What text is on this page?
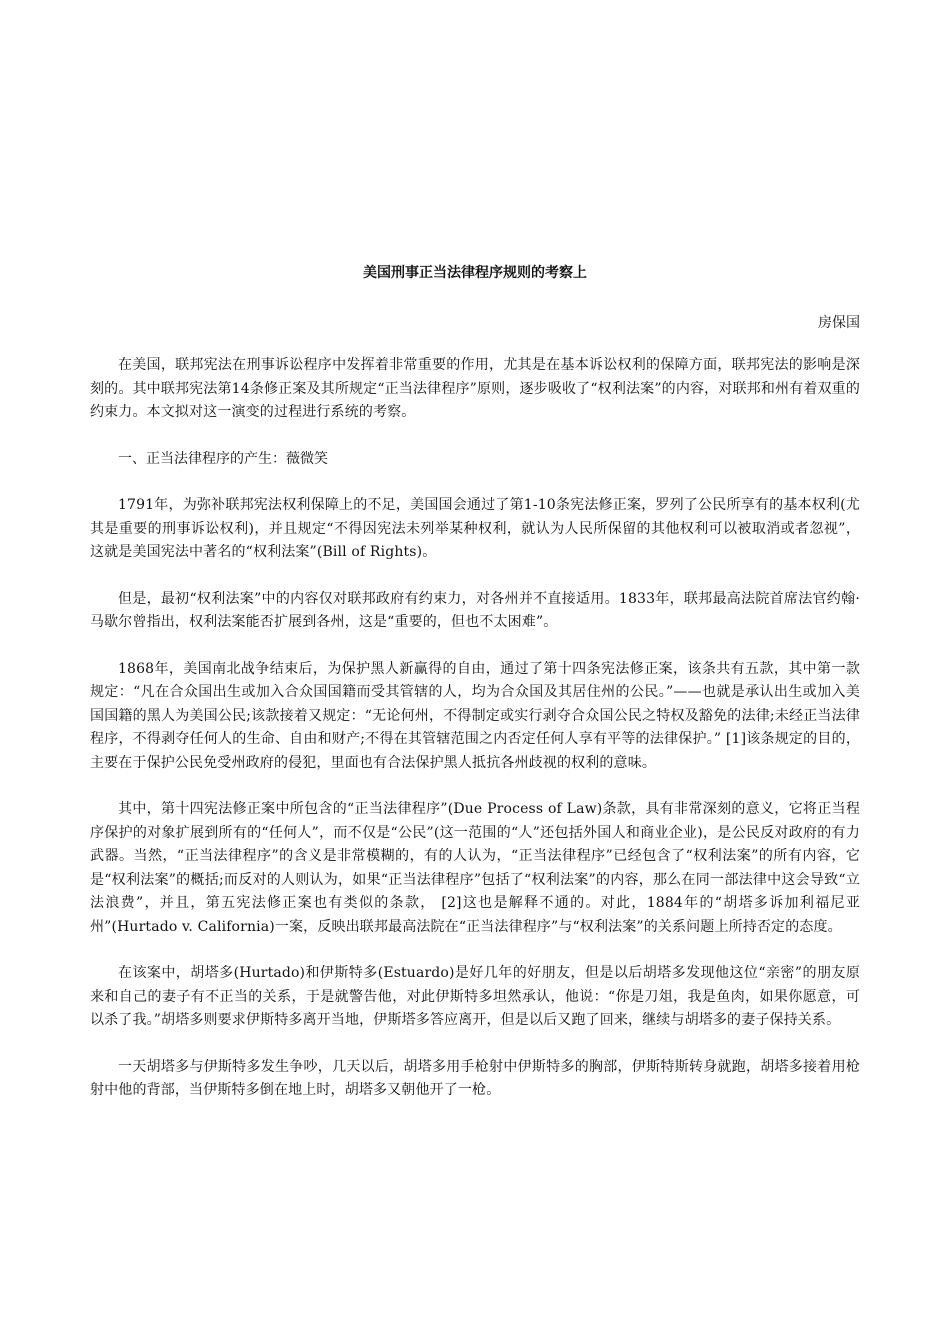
美国刑事正当法律程序规则的考察上
房保国

在美国，联邦宪法在刑事诉讼程序中发挥着非常重要的作用，尤其是在基本诉讼权利的保障方面，联邦宪法的影响是深刻的。其中联邦宪法第14条修正案及其所规定“正当法律程序”原则，逐步吸收了“权利法案”的内容，对联邦和州有着双重的约束力。本文拟对这一演变的过程进行系统的考察。

一、正当法律程序的产生：薇微笑

1791年，为弥补联邦宪法权利保障上的不足，美国国会通过了第1-10条宪法修正案，罗列了公民所享有的基本权利(尤其是重要的刑事诉讼权利)，并且规定“不得因宪法未列举某种权利，就认为人民所保留的其他权利可以被取消或者忽视”，这就是美国宪法中著名的“权利法案”(Bill of Rights)。

但是，最初“权利法案”中的内容仅对联邦政府有约束力，对各州并不直接适用。1833年，联邦最高法院首席法官约翰·马歇尔曾指出，权利法案能否扩展到各州，这是“重要的，但也不太困难”。

1868年，美国南北战争结束后，为保护黑人新赢得的自由，通过了第十四条宪法修正案，该条共有五款，其中第一款规定：“凡在合众国出生或加入合众国国籍而受其管辖的人，均为合众国及其居住州的公民。”——也就是承认出生或加入美国国籍的黑人为美国公民;该款接着又规定：“无论何州，不得制定或实行剥夺合众国公民之特权及豁免的法律;未经正当法律程序，不得剥夺任何人的生命、自由和财产;不得在其管辖范围之内否定任何人享有平等的法律保护。” [1]该条规定的目的，主要在于保护公民免受州政府的侵犯，里面也有合法保护黑人抵抗各州歧视的权利的意味。

其中，第十四宪法修正案中所包含的“正当法律程序”(Due Process of Law)条款，具有非常深刻的意义，它将正当程序保护的对象扩展到所有的“任何人”，而不仅是“公民”(这一范围的“人”还包括外国人和商业企业)，是公民反对政府的有力武器。当然，“正当法律程序”的含义是非常模糊的，有的人认为，“正当法律程序”已经包含了“权利法案”的所有内容，它是“权利法案”的概括;而反对的人则认为，如果“正当法律程序”包括了“权利法案”的内容，那么在同一部法律中这会导致“立法浪费”，并且，第五宪法修正案也有类似的条款， [2]这也是解释不通的。对此，1884年的“胡塔多诉加利福尼亚州”(Hurtado v. California)一案，反映出联邦最高法院在“正当法律程序”与“权利法案”的关系问题上所持否定的态度。

在该案中，胡塔多(Hurtado)和伊斯特多(Estuardo)是好几年的好朋友，但是以后胡塔多发现他这位“亲密”的朋友原来和自己的妻子有不正当的关系，于是就警告他，对此伊斯特多坦然承认，他说：“你是刀俎，我是鱼肉，如果你愿意，可以杀了我。”胡塔多则要求伊斯特多离开当地，伊斯塔多答应离开，但是以后又跑了回来，继续与胡塔多的妻子保持关系。

一天胡塔多与伊斯特多发生争吵，几天以后，胡塔多用手枪射中伊斯特多的胸部，伊斯特斯转身就跑，胡塔多接着用枪射中他的背部，当伊斯特多倒在地上时，胡塔多又朝他开了一枪。
